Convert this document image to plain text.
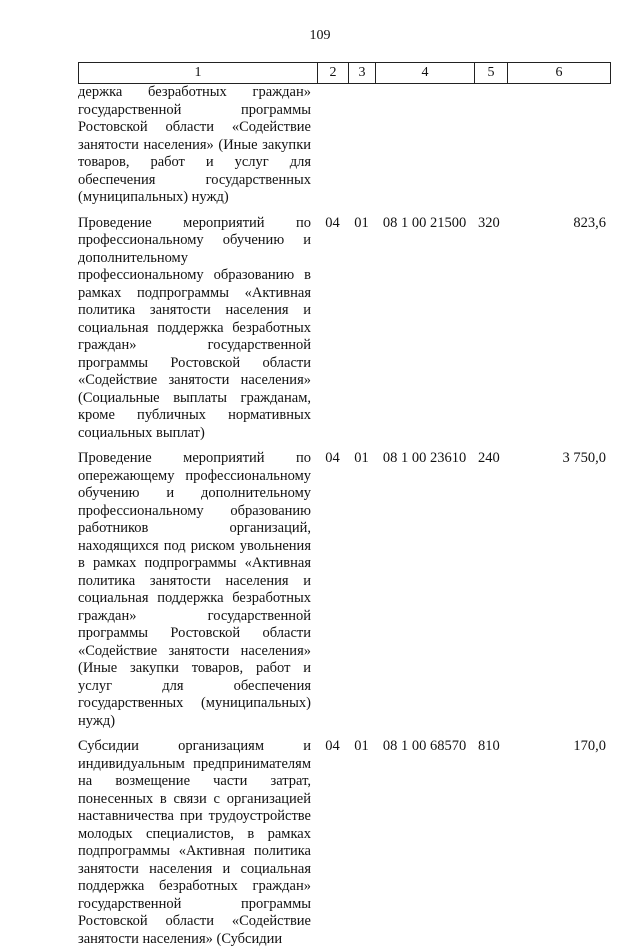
109
1	2	3	4	5	6
держка безработных граждан» государственной программы Ростовской области «Содействие занятости населения» (Иные закупки товаров, работ и услуг для обеспечения государственных (муниципальных) нужд)					
Проведение мероприятий по профессиональному обучению и дополнительному профессиональному образованию в рамках подпрограммы «Активная политика занятости населения и социальная поддержка безработных граждан» государственной программы Ростовской области «Содействие занятости населения» (Социальные выплаты гражданам, кроме публичных нормативных социальных выплат)	04	01	08 1 00 21500	320	823,6
Проведение мероприятий по опережающему профессиональному обучению и дополнительному профессиональному образованию работников организаций, находящихся под риском увольнения в рамках подпрограммы «Активная политика занятости населения и социальная поддержка безработных граждан» государственной программы Ростовской области «Содействие занятости населения» (Иные закупки товаров, работ и услуг для обеспечения государственных (муниципальных) нужд)	04	01	08 1 00 23610	240	3 750,0
Субсидии организациям и индивидуальным предпринимателям на возмещение части затрат, понесенных в связи с организацией наставничества при трудоустройстве молодых специалистов, в рамках подпрограммы «Активная политика занятости населения и социальная поддержка безработных граждан» государственной программы Ростовской области «Содействие занятости населения» (Субсидии	04	01	08 1 00 68570	810	170,0
